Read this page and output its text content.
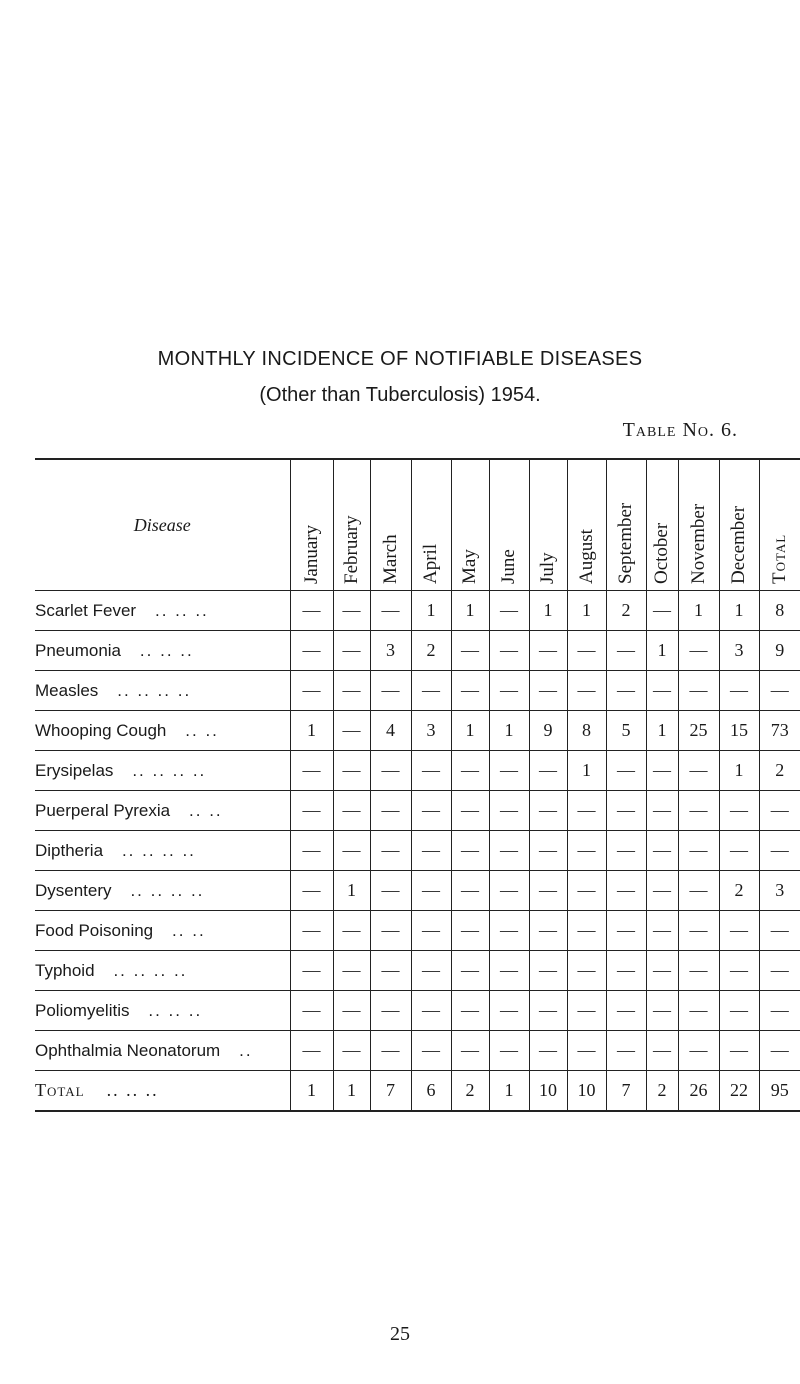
MONTHLY INCIDENCE OF NOTIFIABLE DISEASES
(Other than Tuberculosis) 1954.
Table No. 6.
Disease	January	February	March	April	May	June	July	August	September	October	November	December	Total

Scarlet Fever .. .. ..	—	—	—	1	1	—	1	1	2	—	1	1	8
Pneumonia .. .. ..	—	—	3	2	—	—	—	—	—	1	—	3	9
Measles .. .. .. ..	—	—	—	—	—	—	—	—	—	—	—	—	—
Whooping Cough .. ..	1	—	4	3	1	1	9	8	5	1	25	15	73
Erysipelas .. .. .. ..	—	—	—	—	—	—	—	1	—	—	—	1	2
Puerperal Pyrexia .. ..	—	—	—	—	—	—	—	—	—	—	—	—	—
Diptheria .. .. .. ..	—	—	—	—	—	—	—	—	—	—	—	—	—
Dysentery .. .. .. ..	—	1	—	—	—	—	—	—	—	—	—	2	3
Food Poisoning .. ..	—	—	—	—	—	—	—	—	—	—	—	—	—
Typhoid .. .. .. ..	—	—	—	—	—	—	—	—	—	—	—	—	—
Poliomyelitis .. .. ..	—	—	—	—	—	—	—	—	—	—	—	—	—
Ophthalmia Neonatorum ..	—	—	—	—	—	—	—	—	—	—	—	—	—
Total .. .. ..	1	1	7	6	2	1	10	10	7	2	26	22	95
25
